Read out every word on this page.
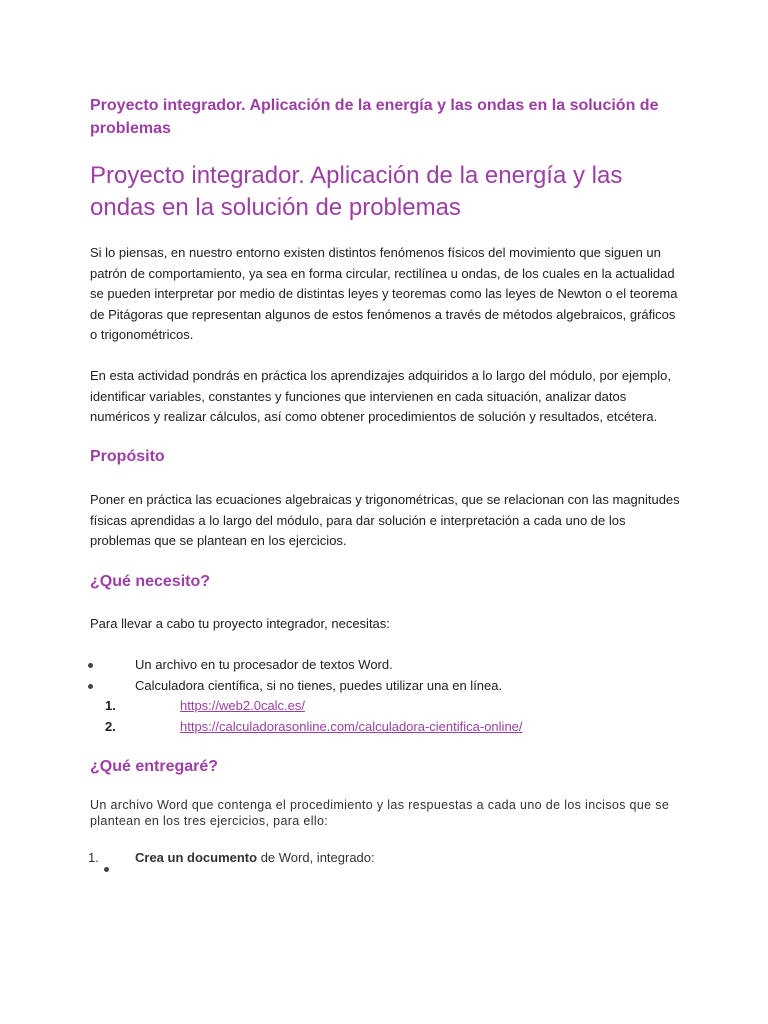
Proyecto integrador. Aplicación de la energía y las ondas en la solución de problemas
Proyecto integrador. Aplicación de la energía y las ondas en la solución de problemas
Si lo piensas, en nuestro entorno existen distintos fenómenos físicos del movimiento que siguen un patrón de comportamiento, ya sea en forma circular, rectilínea u ondas, de los cuales en la actualidad se pueden interpretar por medio de distintas leyes y teoremas como las leyes de Newton o el teorema de Pitágoras que representan algunos de estos fenómenos a través de métodos algebraicos, gráficos o trigonométricos.
En esta actividad pondrás en práctica los aprendizajes adquiridos a lo largo del módulo, por ejemplo, identificar variables, constantes y funciones que intervienen en cada situación, analizar datos numéricos y realizar cálculos, así como obtener procedimientos de solución y resultados, etcétera.
Propósito
Poner en práctica las ecuaciones algebraicas y trigonométricas, que se relacionan con las magnitudes físicas aprendidas a lo largo del módulo, para dar solución e interpretación a cada uno de los problemas que se plantean en los ejercicios.
¿Qué necesito?
Para llevar a cabo tu proyecto integrador, necesitas:
Un archivo en tu procesador de textos Word.
Calculadora científica, si no tienes, puedes utilizar una en línea.
1.	https://web2.0calc.es/
2.	https://calculadorasonline.com/calculadora-cientifica-online/
¿Qué entregaré?
Un archivo Word que contenga el procedimiento y las respuestas a cada uno de los incisos que se plantean en los tres ejercicios, para ello:
1.	Crea un documento de Word, integrado:
